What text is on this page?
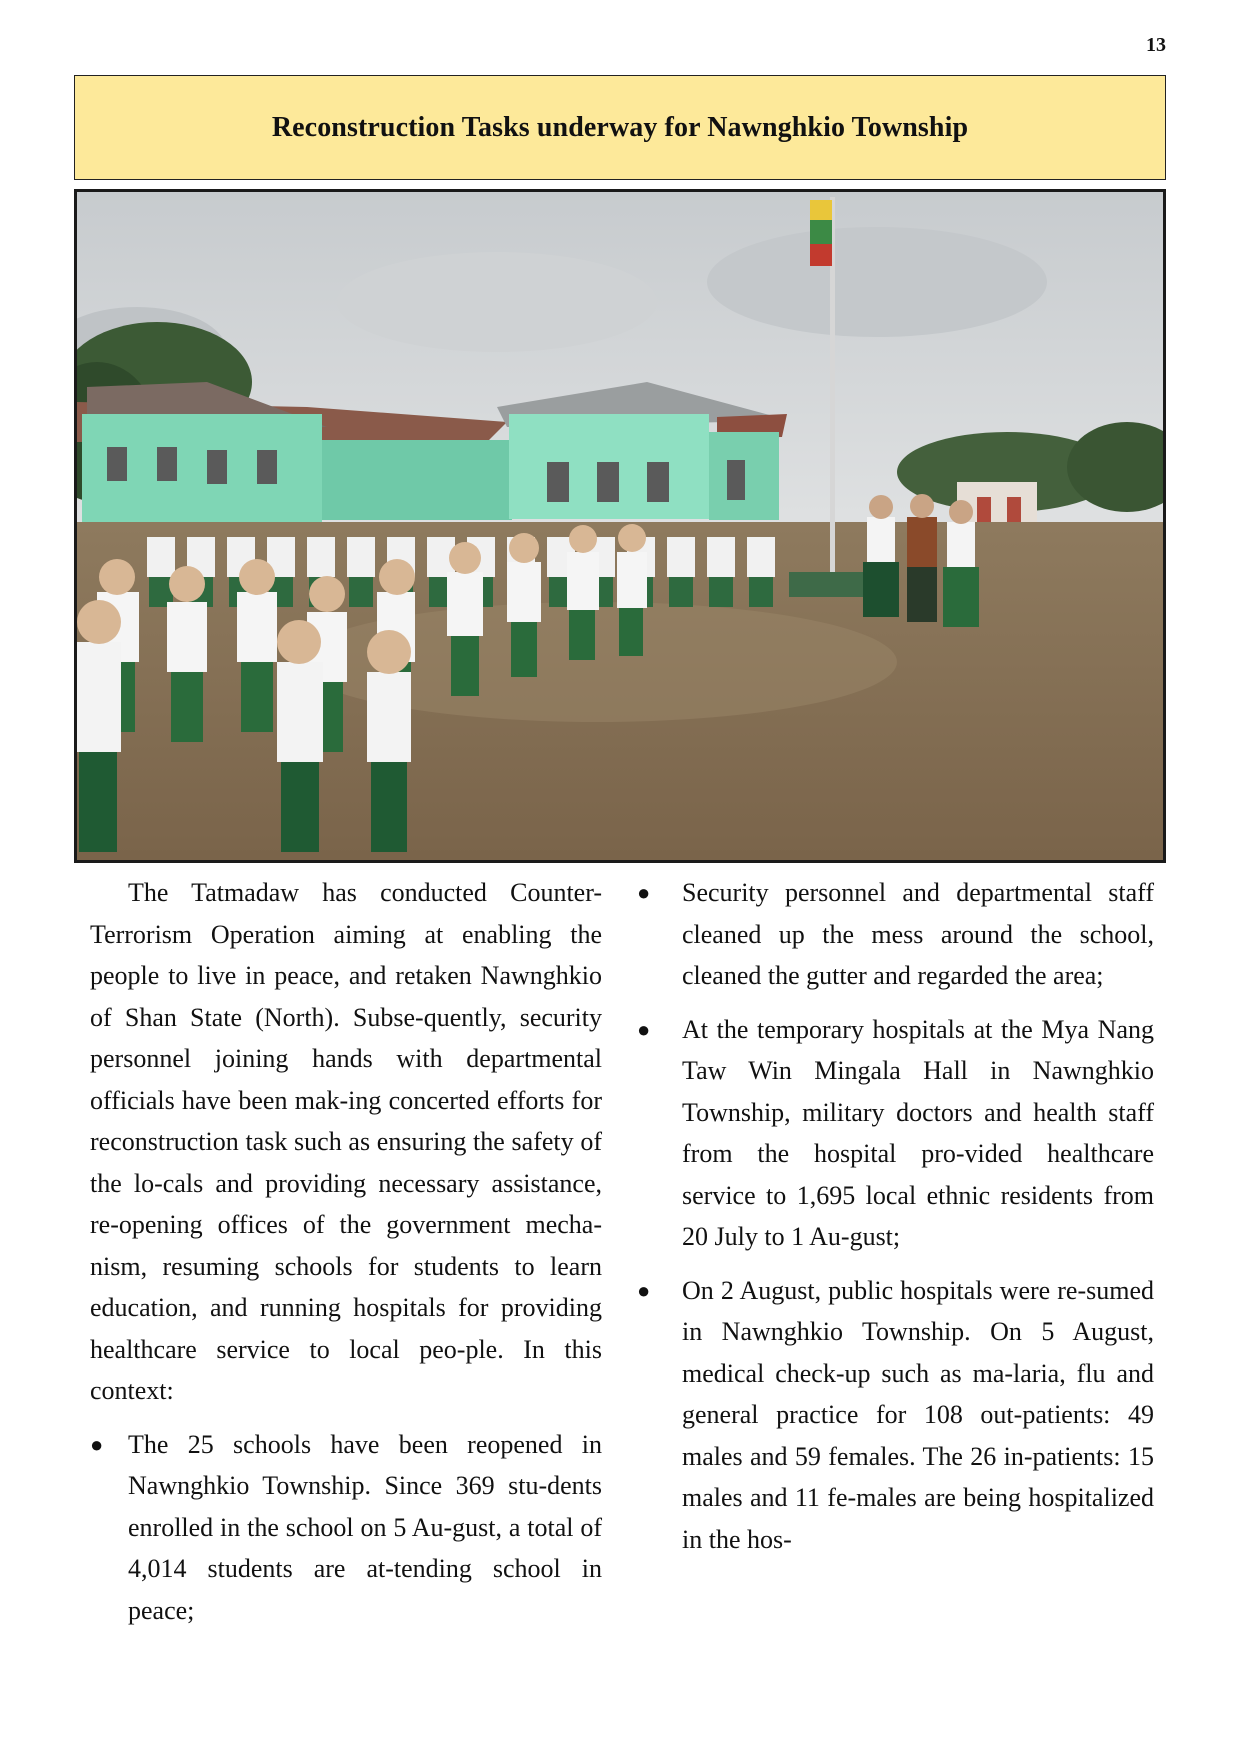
13
Reconstruction Tasks underway for Nawnghkio Township

The Tatmadaw has conducted Counter-Terrorism Operation aiming at enabling the people to live in peace, and retaken Nawnghkio of Shan State (North). Subse-quently, security personnel joining hands with departmental officials have been mak-ing concerted efforts for reconstruction task such as ensuring the safety of the lo-cals and providing necessary assistance, re-opening offices of the government mecha-nism, resuming schools for students to learn education, and running hospitals for providing healthcare service to local peo-ple. In this context:

● The 25 schools have been reopened in Nawnghkio Township. Since 369 stu-dents enrolled in the school on 5 Au-gust, a total of 4,014 students are at-tending school in peace;
●	Security personnel and departmental staff cleaned up the mess around the school, cleaned the gutter and regarded the area;
●	At the temporary hospitals at the Mya Nang Taw Win Mingala Hall in Nawnghkio Township, military doctors and health staff from the hospital pro-vided healthcare service to 1,695 local ethnic residents from 20 July to 1 Au-gust;
●	On 2 August, public hospitals were re-sumed in Nawnghkio Township. On 5 August, medical check-up such as ma-laria, flu and general practice for 108 out-patients: 49 males and 59 females. The 26 in-patients: 15 males and 11 fe-males are being hospitalized in the hos-
